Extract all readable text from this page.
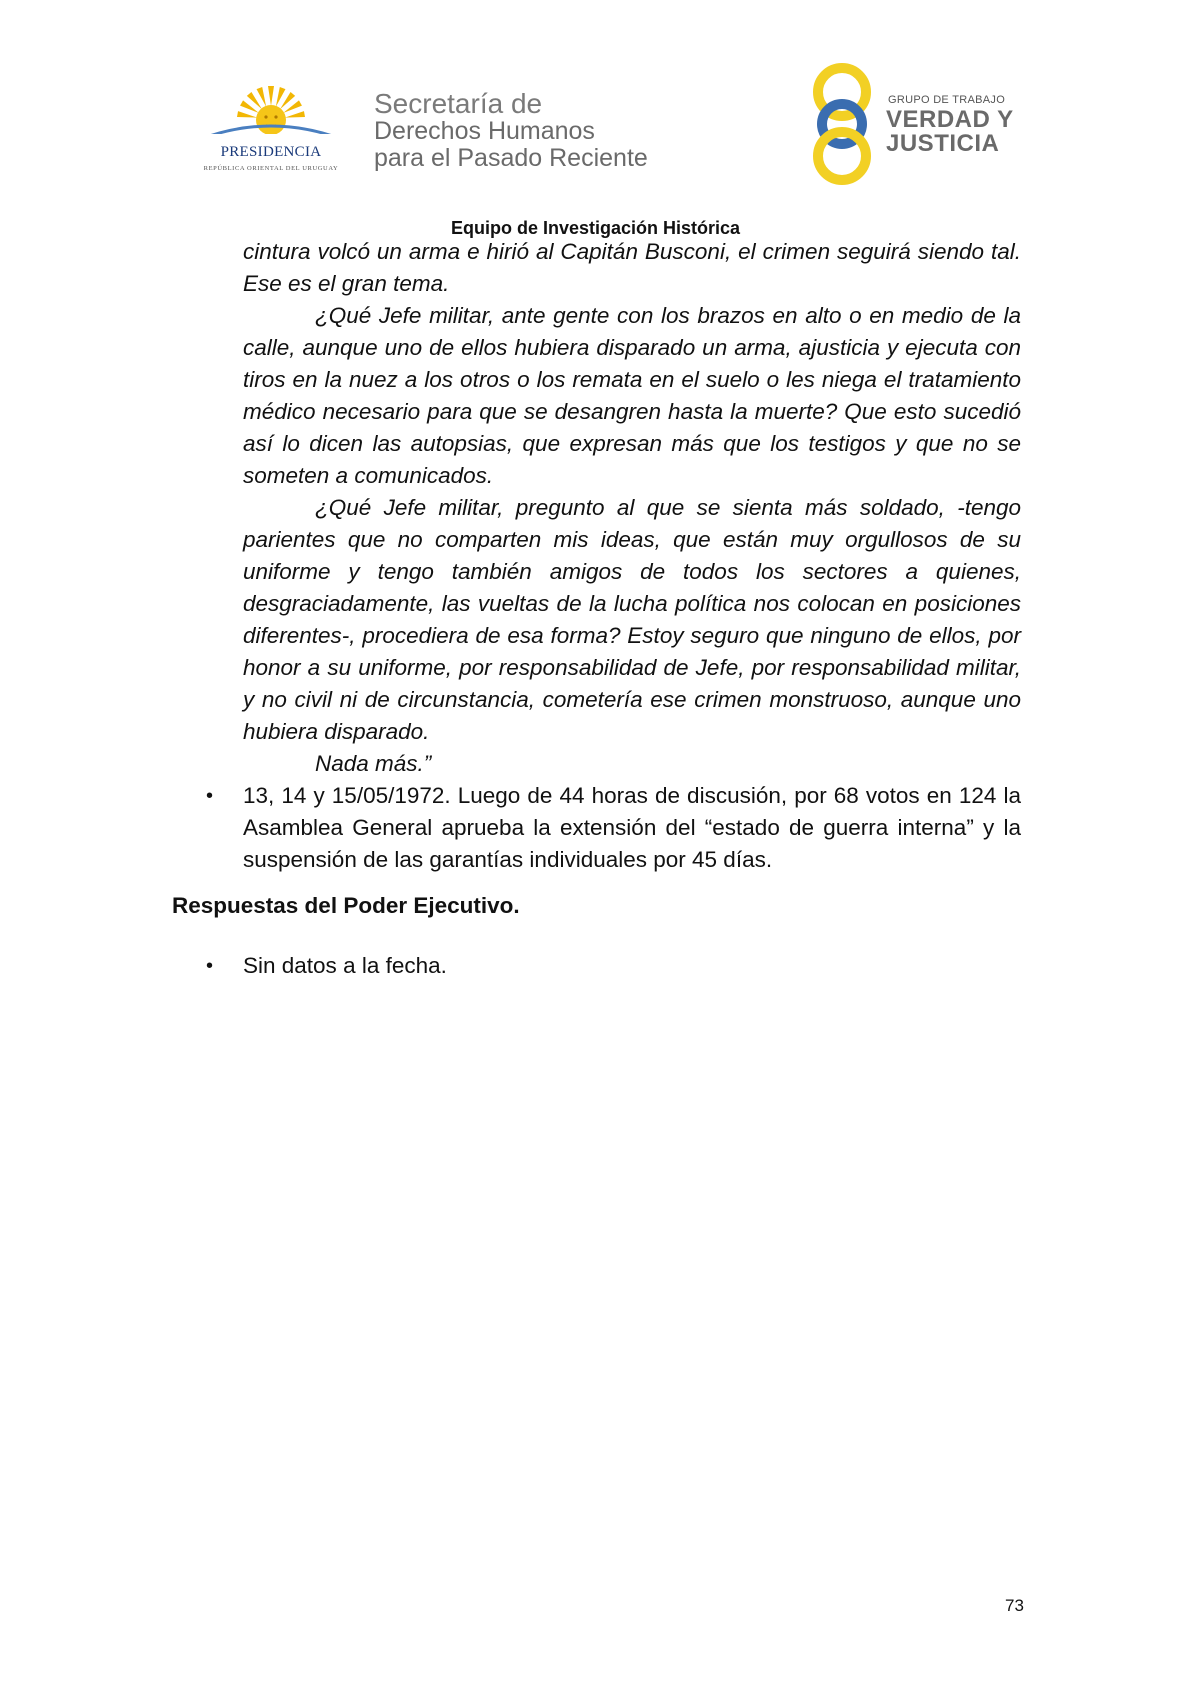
PRESIDENCIA
REPÚBLICA ORIENTAL DEL URUGUAY
Secretaría de
Derechos Humanos
para el Pasado Reciente
GRUPO DE TRABAJO
VERDAD Y
JUSTICIA
Equipo de Investigación Histórica

cintura volcó un arma e hirió al Capitán Busconi, el crimen seguirá siendo tal. Ese es el gran tema.

¿Qué Jefe militar, ante gente con los brazos en alto o en medio de la calle, aunque uno de ellos hubiera disparado un arma, ajusticia y ejecuta con tiros en la nuez a los otros o los remata en el suelo o les niega el tratamiento médico necesario para que se desangren hasta la muerte? Que esto sucedió así lo dicen las autopsias, que expresan más que los testigos y que no se someten a comunicados.

¿Qué Jefe militar, pregunto al que se sienta más soldado, -tengo parientes que no comparten mis ideas, que están muy orgullosos de su uniforme y tengo también amigos de todos los sectores a quienes, desgraciadamente, las vueltas de la lucha política nos colocan en posiciones diferentes-, procediera de esa forma? Estoy seguro que ninguno de ellos, por honor a su uniforme, por responsabilidad de Jefe, por responsabilidad militar, y no civil ni de circunstancia, cometería ese crimen monstruoso, aunque uno hubiera disparado.

Nada más.”

• 13, 14 y 15/05/1972. Luego de 44 horas de discusión, por 68 votos en 124 la Asamblea General aprueba la extensión del “estado de guerra interna” y la suspensión de las garantías individuales por 45 días.

Respuestas del Poder Ejecutivo.

• Sin datos a la fecha.

73
